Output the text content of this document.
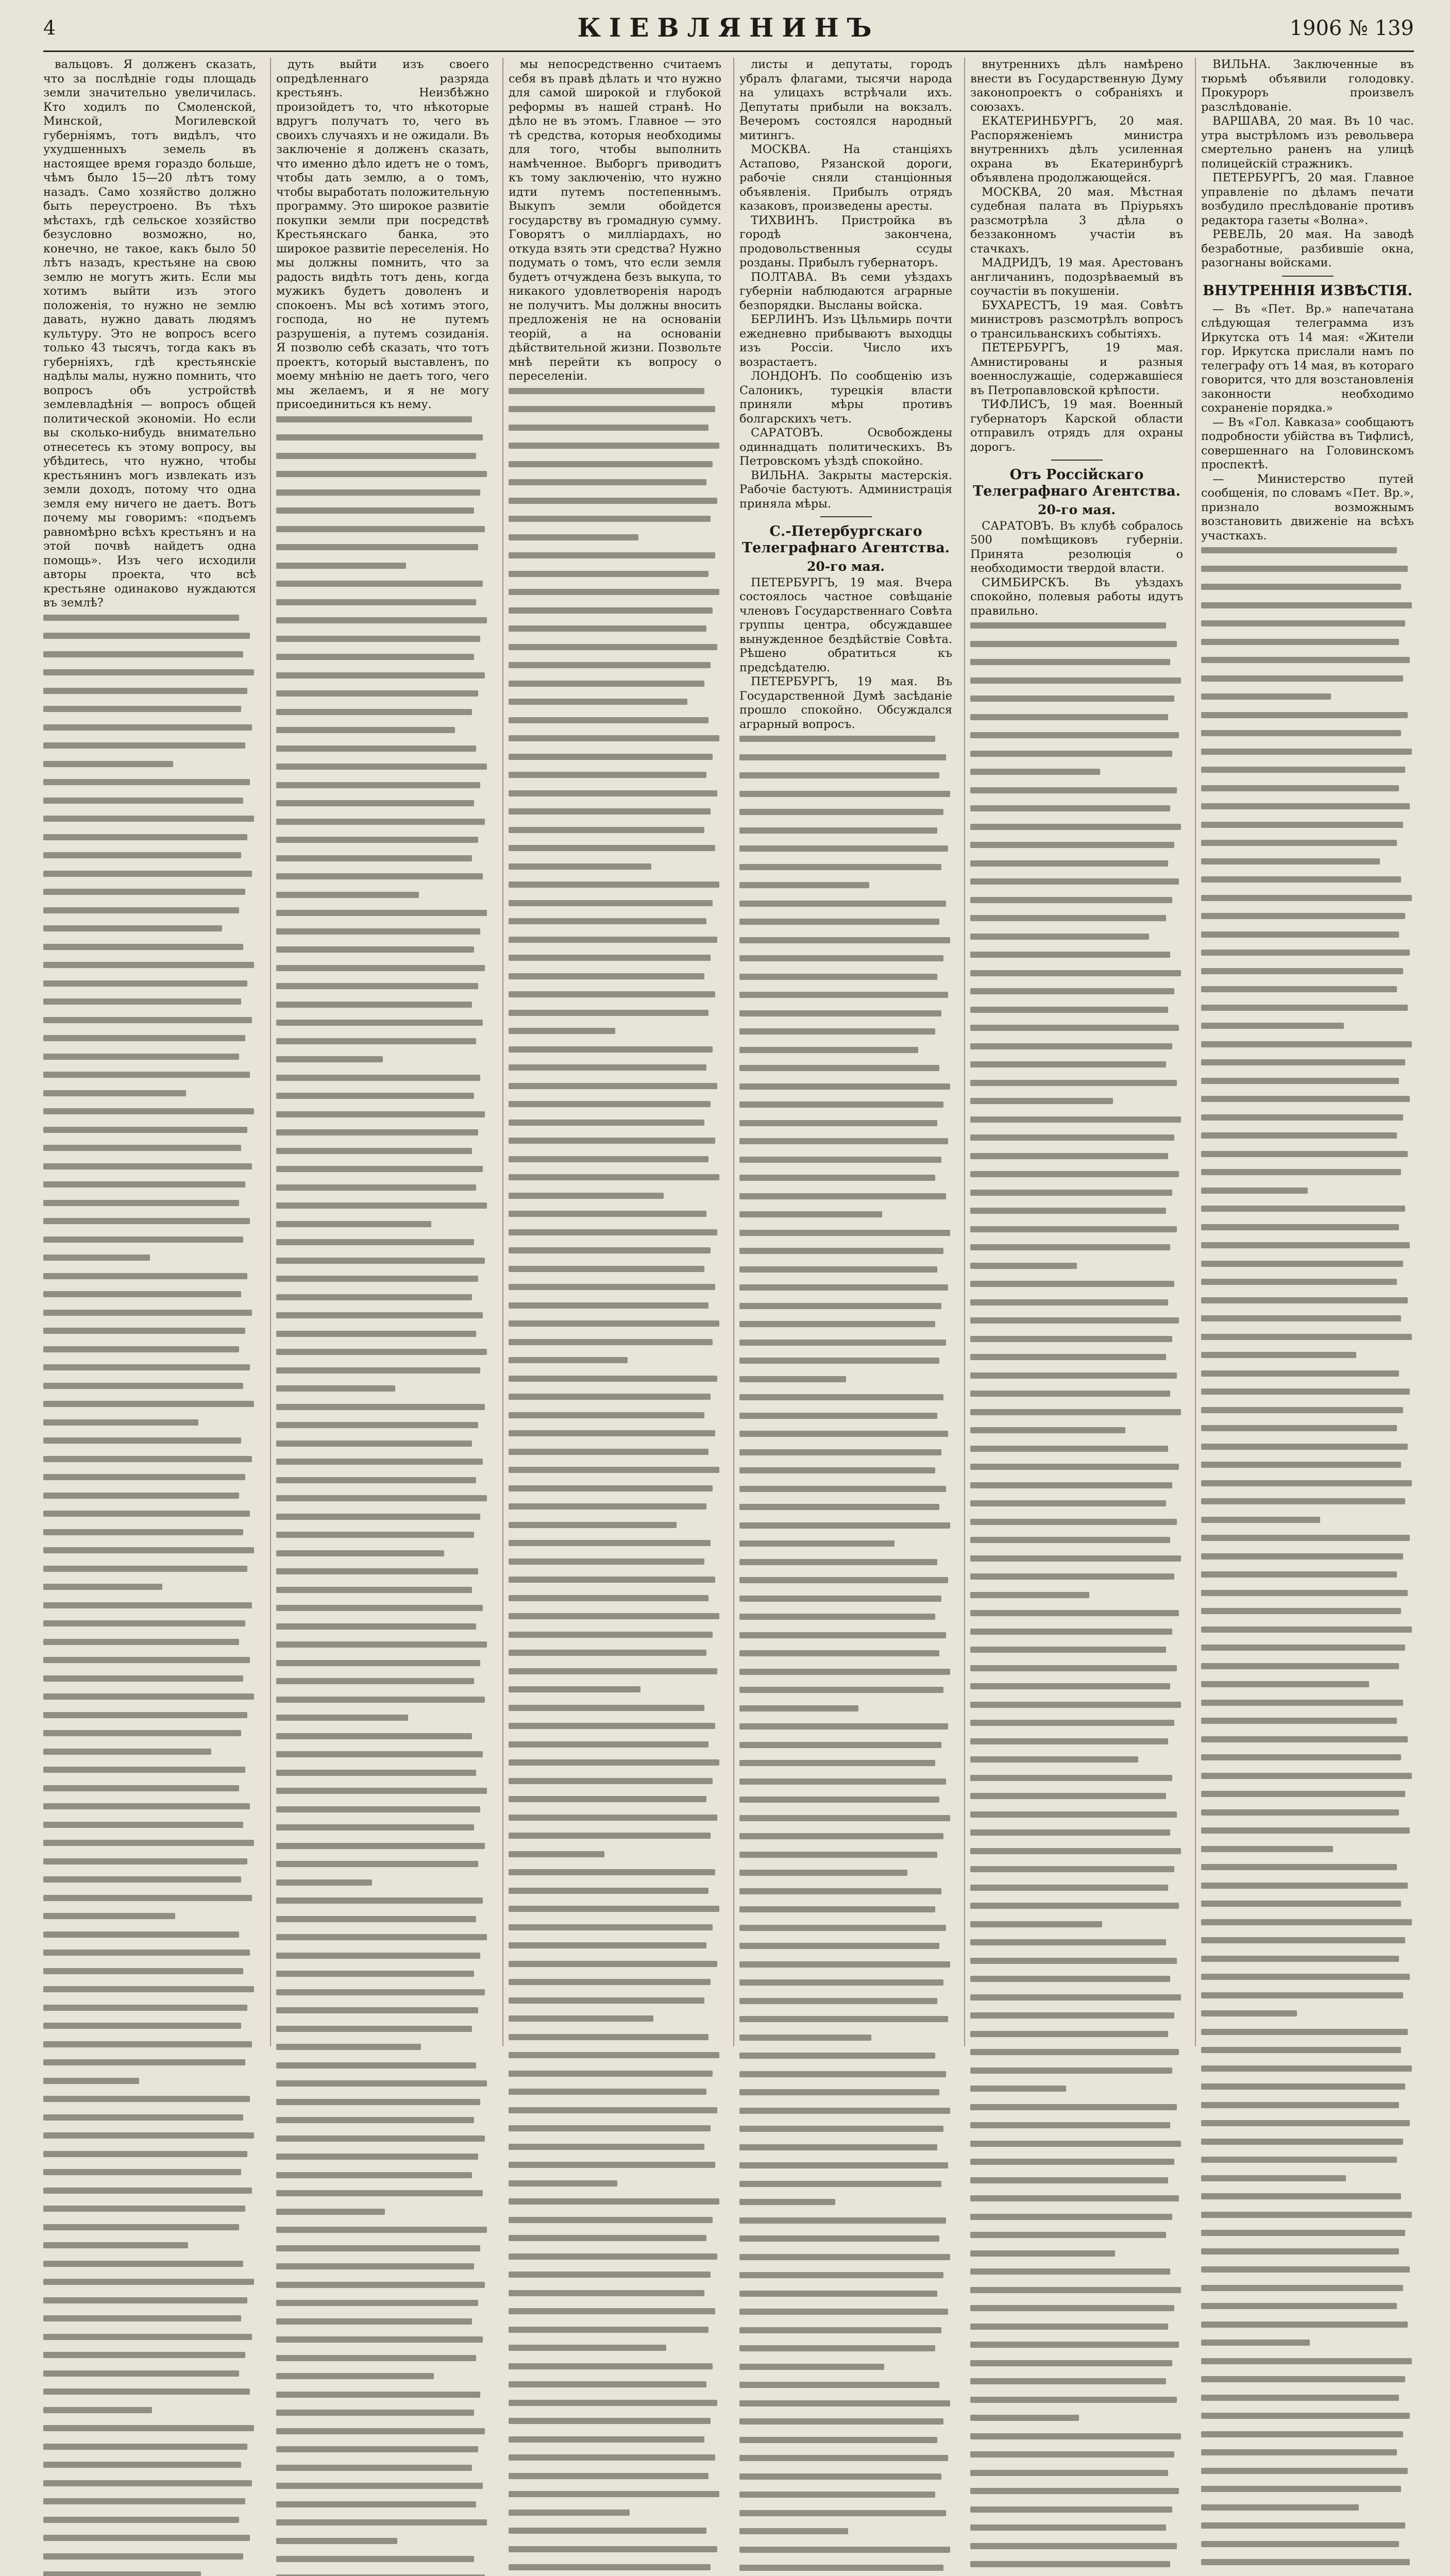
4	КІЕВЛЯНИНЪ	1906 № 139

вальцовъ. Я долженъ сказать, что за послѣдніе годы площадь земли значительно увеличилась. Кто ходилъ по Смоленской, Минской, Могилевской губерніямъ, тотъ видѣлъ, что ухудшенныхъ земель въ настоящее время гораздо больше, чѣмъ было 15—20 лѣтъ тому назадъ. Само хозяйство должно быть переустроено. Въ тѣхъ мѣстахъ, гдѣ сельское хозяйство безусловно возможно, но, конечно, не такое, какъ было 50 лѣтъ назадъ, крестьяне на свою землю не могутъ жить. Если мы хотимъ выйти изъ этого положенія, то нужно не землю давать, нужно давать людямъ культуру. Это не вопросъ всего только 43 тысячъ, тогда какъ въ губерніяхъ, гдѣ крестьянскіе надѣлы малы, нужно помнить, что вопросъ объ устройствѣ землевладѣнія — вопросъ общей политической экономіи. Но если вы сколько-нибудь внимательно отнесетесь къ этому вопросу, вы убѣдитесь, что нужно, чтобы крестьянинъ могъ извлекать изъ земли доходъ, потому что одна земля ему ничего не даетъ. Вотъ почему мы говоримъ: «подъемъ равномѣрно всѣхъ крестьянъ и на этой почвѣ найдетъ одна помощь». Изъ чего исходили авторы проекта, что всѣ крестьяне одинаково нуждаются въ землѣ?

дуть выйти изъ своего опредѣленнаго разряда крестьянъ. Неизбѣжно произойдетъ то, что нѣкоторые вдругъ получатъ то, чего въ своихъ случаяхъ и не ожидали. Въ заключеніе я долженъ сказать, что именно дѣло идетъ не о томъ, чтобы дать землю, а о томъ, чтобы выработать положительную программу. Это широкое развитіе покупки земли при посредствѣ Крестьянскаго банка, это широкое развитіе переселенія. Но мы должны помнить, что за радость видѣть тотъ день, когда мужикъ будетъ доволенъ и спокоенъ. Мы всѣ хотимъ этого, господа, но не путемъ разрушенія, а путемъ созиданія. Я позволю себѣ сказать, что тотъ проектъ, который выставленъ, по моему мнѣнію не даетъ того, чего мы желаемъ, и я не могу присоединиться къ нему.

мы непосредственно считаемъ себя въ правѣ дѣлать и что нужно для самой широкой и глубокой реформы въ нашей странѣ. Но дѣло не въ этомъ. Главное — это тѣ средства, которыя необходимы для того, чтобы выполнить намѣченное. Выборгъ приводитъ къ тому заключенію, что нужно идти путемъ постепеннымъ. Выкупъ земли обойдется государству въ громадную сумму. Говорятъ о милліардахъ, но откуда взять эти средства? Нужно подумать о томъ, что если земля будетъ отчуждена безъ выкупа, то никакого удовлетворенія народъ не получитъ. Мы должны вносить предложенія не на основаніи теорій, а на основаніи дѣйствительной жизни. Позвольте мнѣ перейти къ вопросу о переселеніи.

листы и депутаты, городъ убралъ флагами, тысячи народа на улицахъ встрѣчали ихъ. Депутаты прибыли на вокзалъ. Вечеромъ состоялся народный митингъ.

МОСКВА. На станціяхъ Астапово, Рязанской дороги, рабочіе сняли станціонныя объявленія. Прибылъ отрядъ казаковъ, произведены аресты.

ТИХВИНЪ. Пристройка въ городѣ закончена, продовольственныя ссуды розданы. Прибылъ губернаторъ.

ПОЛТАВА. Въ семи уѣздахъ губерніи наблюдаются аграрные безпорядки. Высланы войска.

БЕРЛИНЪ. Изъ Цѣльмирь почти ежедневно прибываютъ выходцы изъ Россіи. Число ихъ возрастаетъ.

ЛОНДОНЪ. По сообщенію изъ Салоникъ, турецкія власти приняли мѣры противъ болгарскихъ четъ.

САРАТОВЪ. Освобождены одиннадцать политическихъ. Въ Петровскомъ уѣздѣ спокойно.

ВИЛЬНА. Закрыты мастерскія. Рабочіе бастуютъ. Администрація приняла мѣры.

С.-Петербургскаго Телеграфнаго Агентства.
20-го мая.

ПЕТЕРБУРГЪ, 19 мая. Вчера состоялось частное совѣщаніе членовъ Государственнаго Совѣта группы центра, обсуждавшее вынужденное бездѣйствіе Совѣта. Рѣшено обратиться къ предсѣдателю.

ПЕТЕРБУРГЪ, 19 мая. Въ Государственной Думѣ засѣданіе прошло спокойно. Обсуждался аграрный вопросъ.

внутреннихъ дѣлъ намѣрено внести въ Государственную Думу законопроектъ о собраніяхъ и союзахъ.

ЕКАТЕРИНБУРГЪ, 20 мая. Распоряженіемъ министра внутреннихъ дѣлъ усиленная охрана въ Екатеринбургѣ объявлена продолжающейся.

МОСКВА, 20 мая. Мѣстная судебная палата въ Пріурьяхъ разсмотрѣла 3 дѣла о беззаконномъ участіи въ стачкахъ.

МАДРИДЪ, 19 мая. Арестованъ англичанинъ, подозрѣваемый въ соучастіи въ покушеніи.

БУХАРЕСТЪ, 19 мая. Совѣтъ министровъ разсмотрѣлъ вопросъ о трансильванскихъ событіяхъ.

ПЕТЕРБУРГЪ, 19 мая. Амнистированы и разныя военнослужащіе, содержавшіеся въ Петропавловской крѣпости.

ТИФЛИСЪ, 19 мая. Военный губернаторъ Карской области отправилъ отрядъ для охраны дорогъ.

Отъ Россійскаго Телеграфнаго Агентства.
20-го мая.

САРАТОВЪ. Въ клубѣ собралось 500 помѣщиковъ губерніи. Принята резолюція о необходимости твердой власти.

СИМБИРСКЪ. Въ уѣздахъ спокойно, полевыя работы идутъ правильно.

ВИЛЬНА. Заключенные въ тюрьмѣ объявили голодовку. Прокуроръ произвелъ разслѣдованіе.

ВАРШАВА, 20 мая. Въ 10 час. утра выстрѣломъ изъ револьвера смертельно раненъ на улицѣ полицейскій стражникъ.

ПЕТЕРБУРГЪ, 20 мая. Главное управленіе по дѣламъ печати возбудило преслѣдованіе противъ редактора газеты «Волна».

РЕВЕЛЬ, 20 мая. На заводѣ безработные, разбившіе окна, разогнаны войсками.

ВНУТРЕННІЯ ИЗВѢСТІЯ.

— Въ «Пет. Вр.» напечатана слѣдующая телеграмма изъ Иркутска отъ 14 мая: «Жители гор. Иркутска прислали намъ по телеграфу отъ 14 мая, въ котораго говорится, что для возстановленія законности необходимо сохраненіе порядка.»

— Въ «Гол. Кавказа» сообщаютъ подробности убійства въ Тифлисѣ, совершеннаго на Головинскомъ проспектѣ.

— Министерство путей сообщенія, по словамъ «Пет. Вр.», признало возможнымъ возстановить движеніе на всѣхъ участкахъ.
